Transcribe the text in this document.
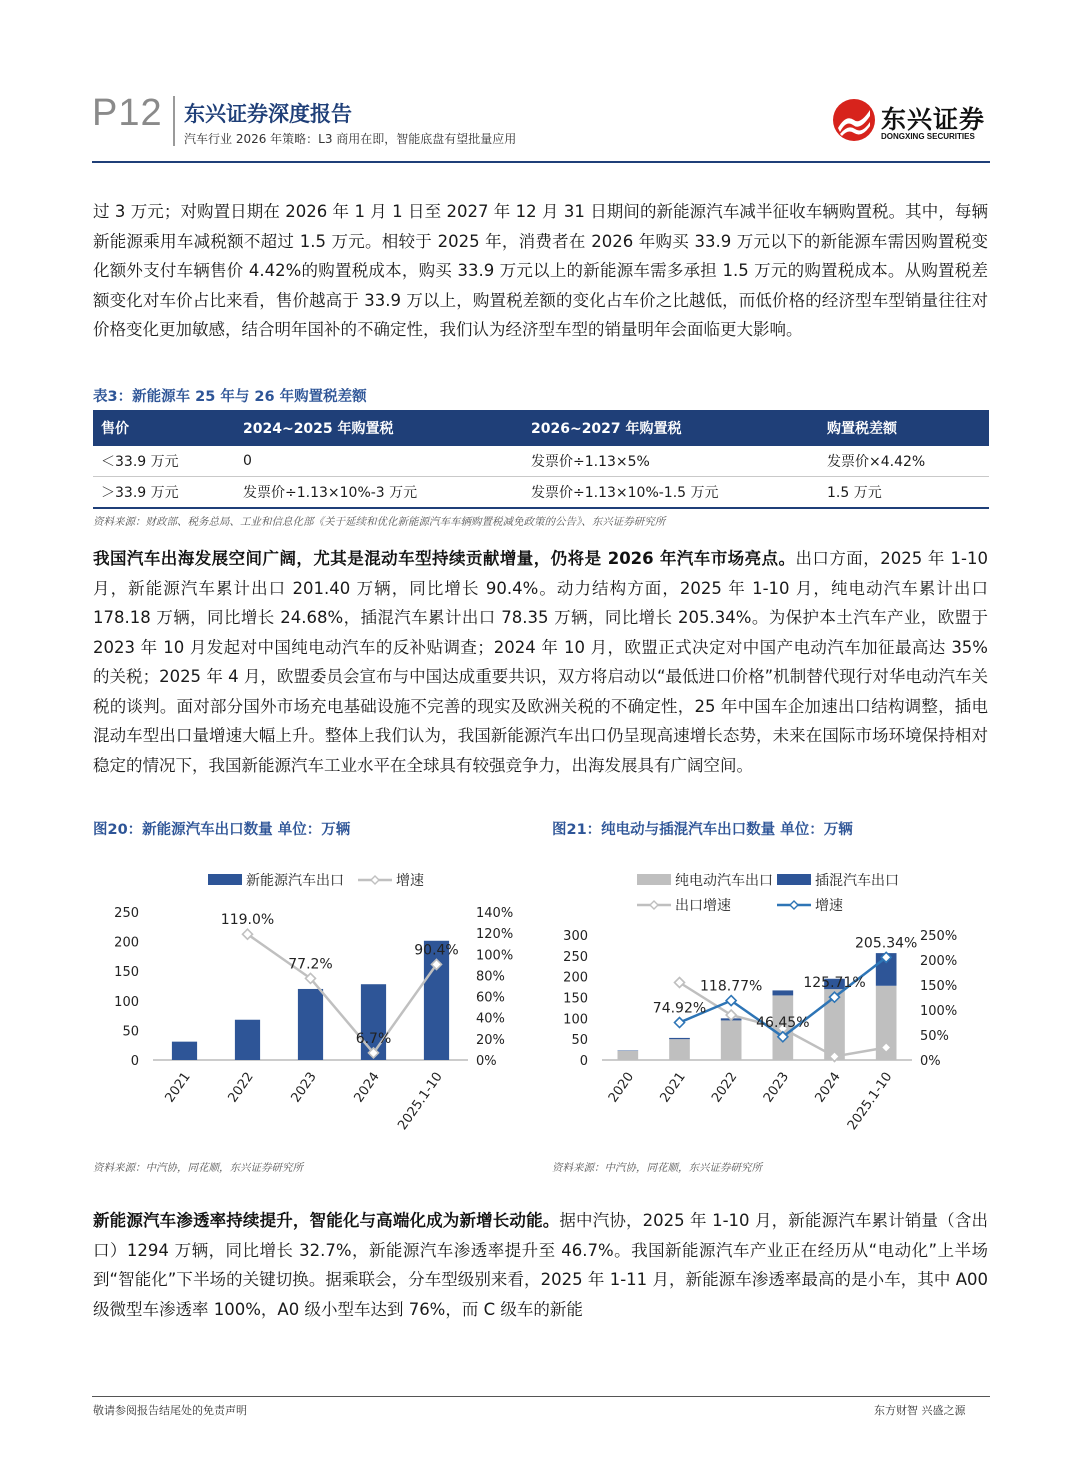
P12 东兴证券深度报告
汽车行业 2026 年策略：L3 商用在即，智能底盘有望批量应用
东兴证券
DONGXING SECURITIES
过 3 万元；对购置日期在 2026 年 1 月 1 日至 2027 年 12 月 31 日期间的新能源汽车减半征收车辆购置税。其中，每辆新能源乘用车减税额不超过 1.5 万元。相较于 2025 年，消费者在 2026 年购买 33.9 万元以下的新能源车需因购置税变化额外支付车辆售价 4.42%的购置税成本，购买 33.9 万元以上的新能源车需多承担 1.5 万元的购置税成本。从购置税差额变化对车价占比来看，售价越高于 33.9 万以上，购置税差额的变化占车价之比越低，而低价格的经济型车型销量往往对价格变化更加敏感，结合明年国补的不确定性，我们认为经济型车型的销量明年会面临更大影响。
表3：新能源车 25 年与 26 年购置税差额
售价	2024~2025 年购置税	2026~2027 年购置税	购置税差额
＜33.9 万元	0	发票价÷1.13×5%	发票价×4.42%
＞33.9 万元	发票价÷1.13×10%-3 万元	发票价÷1.13×10%-1.5 万元	1.5 万元
资料来源：财政部、税务总局、工业和信息化部《关于延续和优化新能源汽车车辆购置税减免政策的公告》、东兴证券研究所
我国汽车出海发展空间广阔，尤其是混动车型持续贡献增量，仍将是 2026 年汽车市场亮点。出口方面，2025 年 1-10 月，新能源汽车累计出口 201.40 万辆，同比增长 90.4%。动力结构方面，2025 年 1-10 月，纯电动汽车累计出口 178.18 万辆，同比增长 24.68%，插混汽车累计出口 78.35 万辆，同比增长 205.34%。为保护本土汽车产业，欧盟于 2023 年 10 月发起对中国纯电动汽车的反补贴调查；2024 年 10 月，欧盟正式决定对中国产电动汽车加征最高达 35% 的关税；2025 年 4 月，欧盟委员会宣布与中国达成重要共识，双方将启动以“最低进口价格”机制替代现行对华电动汽车关税的谈判。面对部分国外市场充电基础设施不完善的现实及欧洲关税的不确定性，25 年中国车企加速出口结构调整，插电混动车型出口量增速大幅上升。整体上我们认为，我国新能源汽车出口仍呈现高速增长态势，未来在国际市场环境保持相对稳定的情况下，我国新能源汽车工业水平在全球具有较强竞争力，出海发展具有广阔空间。
图20：新能源汽车出口数量 单位：万辆	图21：纯电动与插混汽车出口数量 单位：万辆
0
50
100
150
200
250
0%
20%
40%
60%
80%
100%
120%
140%
2021 2022 2023 2024 2025.1-10
119.0%
77.2%
6.7%
90.4%
新能源汽车出口	增速
0
50
100
150
200
250
300
0%
50%
100%
150%
200%
250%
2020 2021 2022 2023 2024 2025.1-10
74.92%
118.77%
46.45%
125.71%
205.34%
纯电动汽车出口	插混汽车出口
出口增速	增速
资料来源：中汽协，同花顺，东兴证券研究所	资料来源：中汽协，同花顺，东兴证券研究所
新能源汽车渗透率持续提升，智能化与高端化成为新增长动能。据中汽协，2025 年 1-10 月，新能源汽车累计销量（含出口）1294 万辆，同比增长 32.7%，新能源汽车渗透率提升至 46.7%。我国新能源汽车产业正在经历从“电动化”上半场到“智能化”下半场的关键切换。据乘联会，分车型级别来看，2025 年 1-11 月，新能源车渗透率最高的是小车，其中 A00 级微型车渗透率 100%，A0 级小型车达到 76%，而 C 级车的新能
敬请参阅报告结尾处的免责声明	东方财智 兴盛之源
